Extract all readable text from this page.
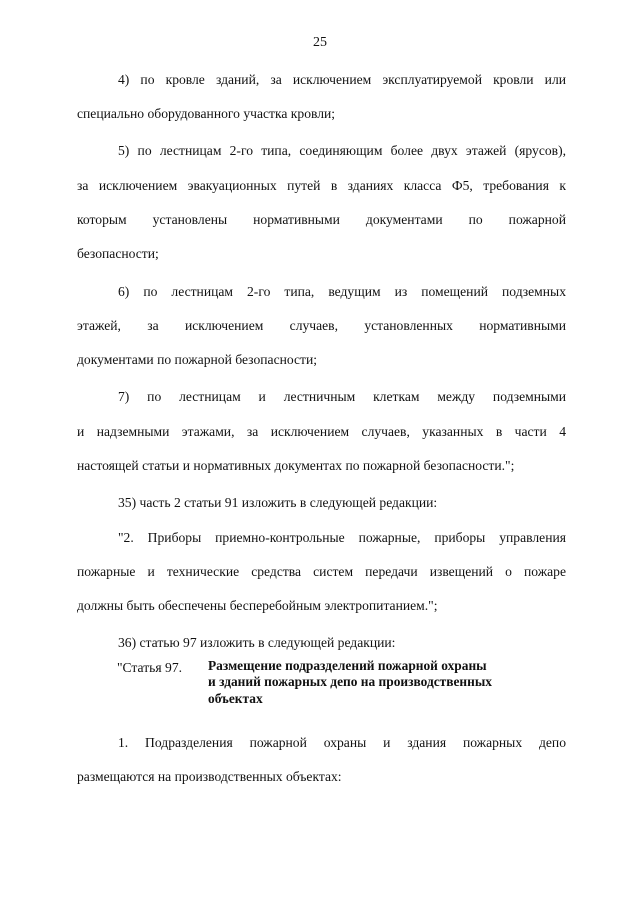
25

4) по кровле зданий, за исключением эксплуатируемой кровли или
специально оборудованного участка кровли;
5) по лестницам 2-го типа, соединяющим более двух этажей (ярусов),
за исключением эвакуационных путей в зданиях класса Ф5, требования к
которым установлены нормативными документами по пожарной
безопасности;
6) по лестницам 2-го типа, ведущим из помещений подземных
этажей, за исключением случаев, установленных нормативными
документами по пожарной безопасности;
7) по лестницам и лестничным клеткам между подземными
и надземными этажами, за исключением случаев, указанных в части 4
настоящей статьи и нормативных документах по пожарной безопасности.";
35) часть 2 статьи 91 изложить в следующей редакции:
"2. Приборы приемно-контрольные пожарные, приборы управления
пожарные и технические средства систем передачи извещений о пожаре
должны быть обеспечены бесперебойным электропитанием.";
36) статью 97 изложить в следующей редакции:

"Статья 97. Размещение подразделений пожарной охраны
и зданий пожарных депо на производственных
объектах
1. Подразделения пожарной охраны и здания пожарных депо
размещаются на производственных объектах:
